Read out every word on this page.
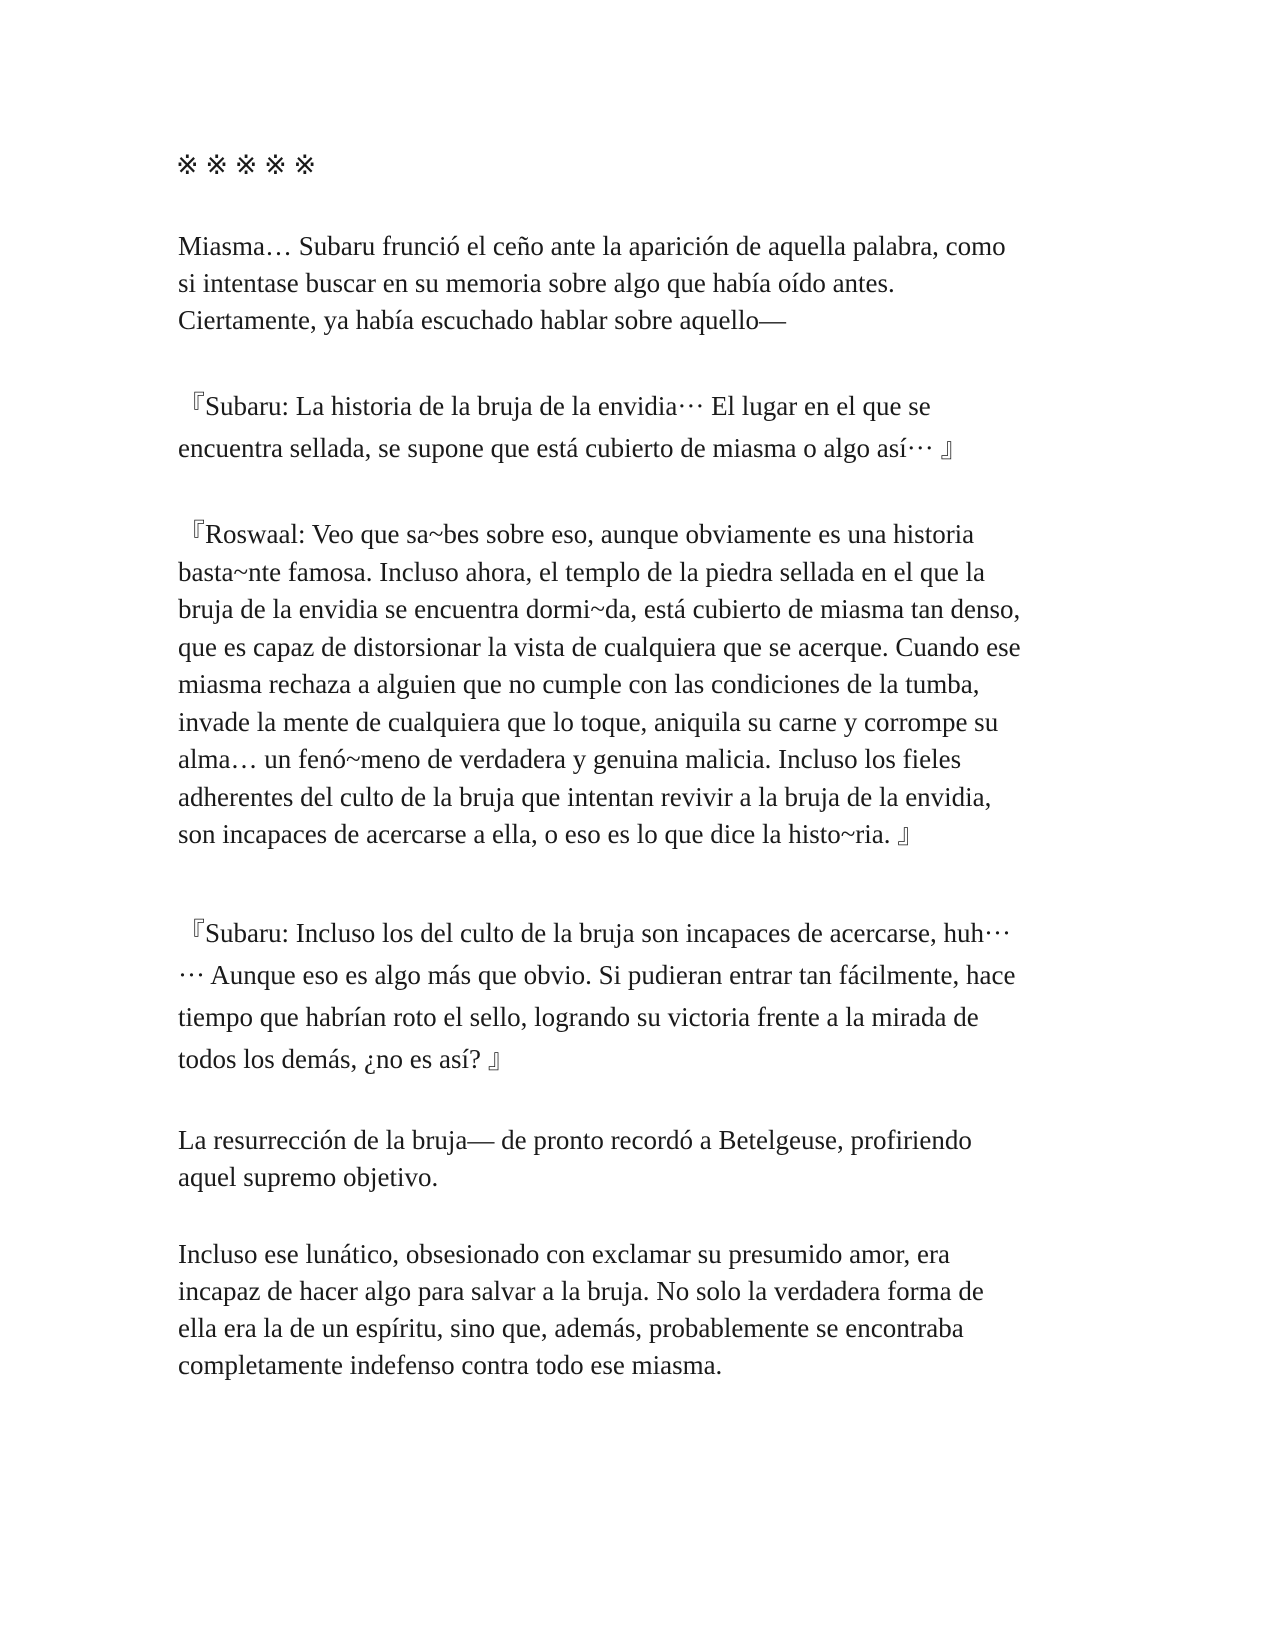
※ ※ ※ ※ ※

Miasma… Subaru frunció el ceño ante la aparición de aquella palabra, como
si intentase buscar en su memoria sobre algo que había oído antes.
Ciertamente, ya había escuchado hablar sobre aquello—

『Subaru: La historia de la bruja de la envidia··· El lugar en el que se
encuentra sellada, se supone que está cubierto de miasma o algo así··· 』

『Roswaal: Veo que sa~bes sobre eso, aunque obviamente es una historia
basta~nte famosa. Incluso ahora, el templo de la piedra sellada en el que la
bruja de la envidia se encuentra dormi~da, está cubierto de miasma tan denso,
que es capaz de distorsionar la vista de cualquiera que se acerque. Cuando ese
miasma rechaza a alguien que no cumple con las condiciones de la tumba,
invade la mente de cualquiera que lo toque, aniquila su carne y corrompe su
alma… un fenó~meno de verdadera y genuina malicia. Incluso los fieles
adherentes del culto de la bruja que intentan revivir a la bruja de la envidia,
son incapaces de acercarse a ella, o eso es lo que dice la histo~ria. 』

『Subaru: Incluso los del culto de la bruja son incapaces de acercarse, huh···
··· Aunque eso es algo más que obvio. Si pudieran entrar tan fácilmente, hace
tiempo que habrían roto el sello, logrando su victoria frente a la mirada de
todos los demás, ¿no es así? 』

La resurrección de la bruja— de pronto recordó a Betelgeuse, profiriendo
aquel supremo objetivo.

Incluso ese lunático, obsesionado con exclamar su presumido amor, era
incapaz de hacer algo para salvar a la bruja. No solo la verdadera forma de
ella era la de un espíritu, sino que, además, probablemente se encontraba
completamente indefenso contra todo ese miasma.
